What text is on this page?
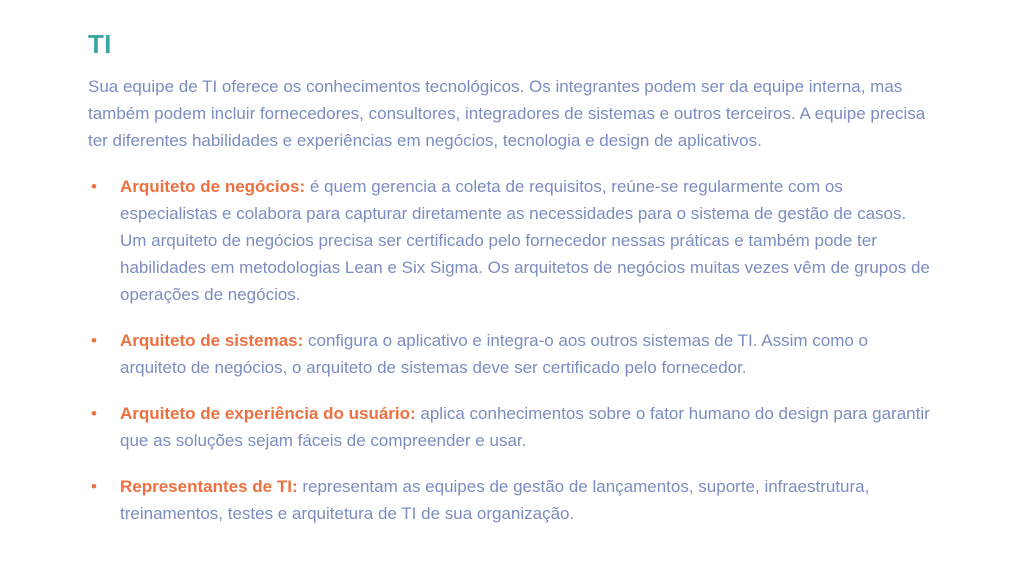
TI

Sua equipe de TI oferece os conhecimentos tecnológicos. Os integrantes podem ser da equipe interna, mas também podem incluir fornecedores, consultores, integradores de sistemas e outros terceiros. A equipe precisa ter diferentes habilidades e experiências em negócios, tecnologia e design de aplicativos.

•	Arquiteto de negócios: é quem gerencia a coleta de requisitos, reúne-se regularmente com os especialistas e colabora para capturar diretamente as necessidades para o sistema de gestão de casos. Um arquiteto de negócios precisa ser certificado pelo fornecedor nessas práticas e também pode ter habilidades em metodologias Lean e Six Sigma. Os arquitetos de negócios muitas vezes vêm de grupos de operações de negócios.
•	Arquiteto de sistemas: configura o aplicativo e integra-o aos outros sistemas de TI. Assim como o arquiteto de negócios, o arquiteto de sistemas deve ser certificado pelo fornecedor.
•	Arquiteto de experiência do usuário: aplica conhecimentos sobre o fator humano do design para garantir que as soluções sejam fáceis de compreender e usar.
•	Representantes de TI: representam as equipes de gestão de lançamentos, suporte, infraestrutura, treinamentos, testes e arquitetura de TI de sua organização.
